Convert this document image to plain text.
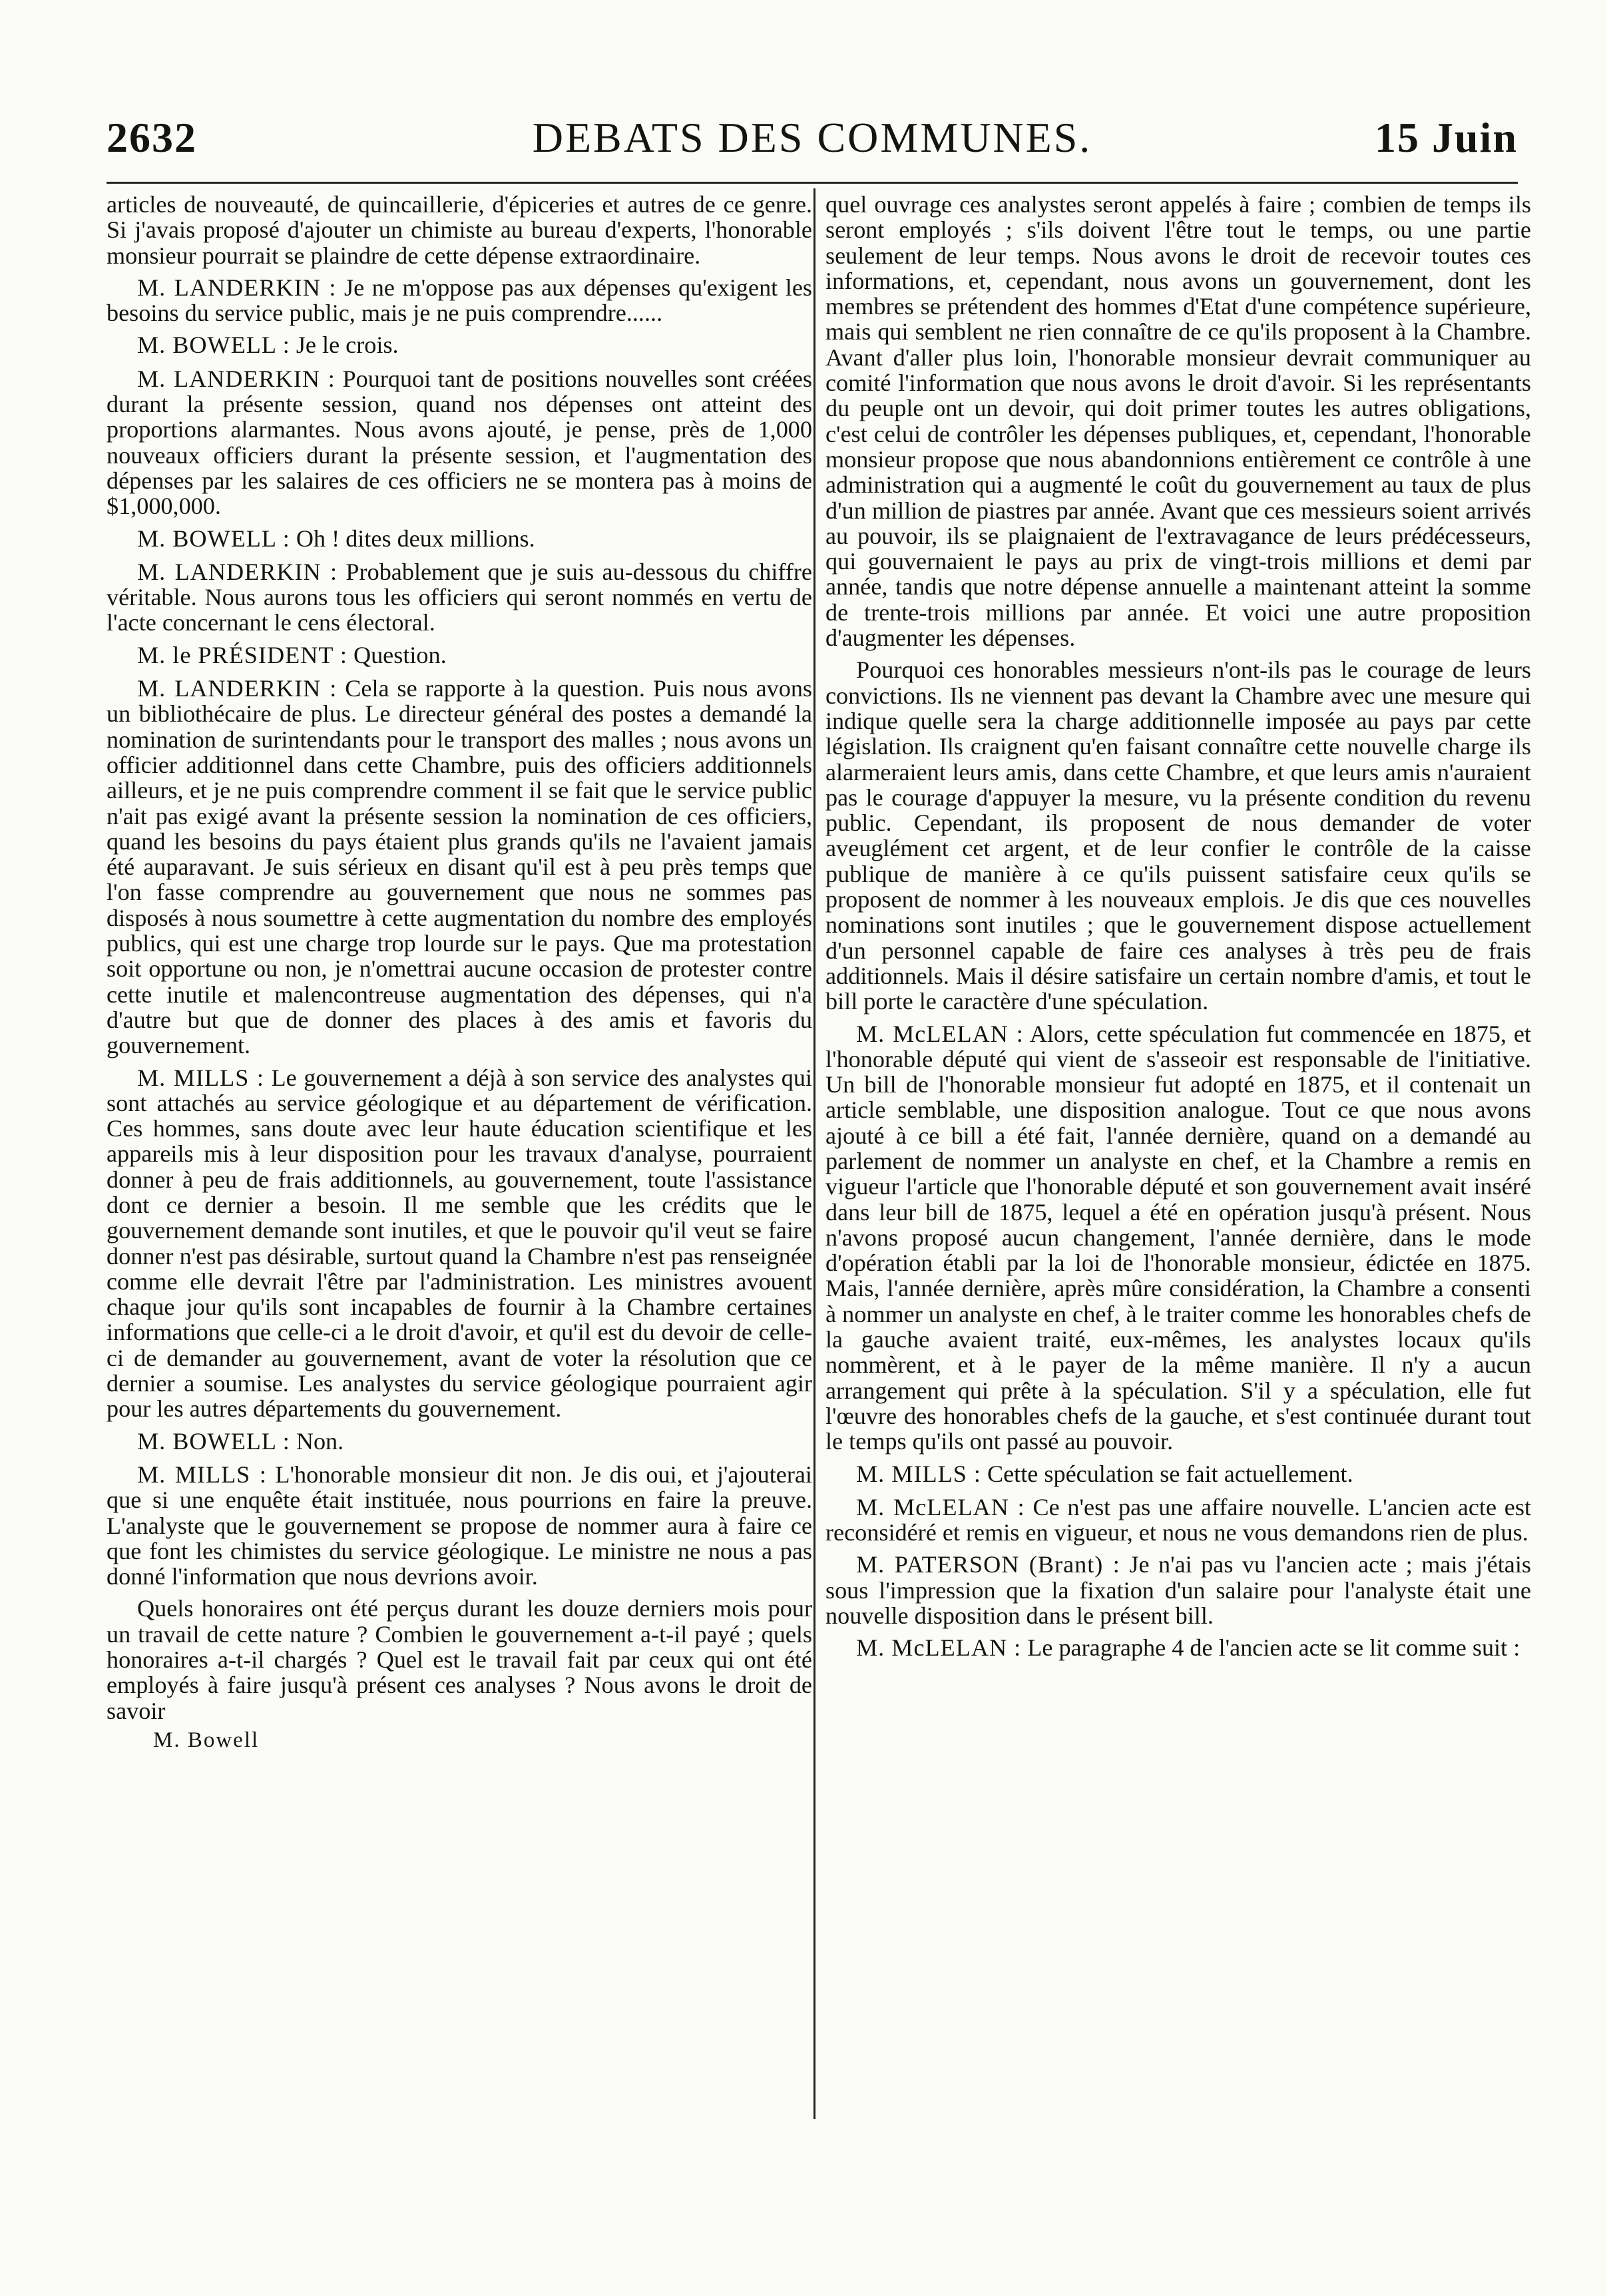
2632	DEBATS DES COMMUNES.	15 Juin

articles de nouveauté, de quincaillerie, d'épiceries et autres de ce genre. Si j'avais proposé d'ajouter un chimiste au bureau d'experts, l'honorable monsieur pourrait se plaindre de cette dépense extraordinaire.

M. LANDERKIN : Je ne m'oppose pas aux dépenses qu'exigent les besoins du service public, mais je ne puis comprendre......

M. BOWELL : Je le crois.

M. LANDERKIN : Pourquoi tant de positions nouvelles sont créées durant la présente session, quand nos dépenses ont atteint des proportions alarmantes. Nous avons ajouté, je pense, près de 1,000 nouveaux officiers durant la présente session, et l'augmentation des dépenses par les salaires de ces officiers ne se montera pas à moins de $1,000,000.

M. BOWELL : Oh ! dites deux millions.

M. LANDERKIN : Probablement que je suis au-dessous du chiffre véritable. Nous aurons tous les officiers qui seront nommés en vertu de l'acte concernant le cens électoral.

M. le PRÉSIDENT : Question.

M. LANDERKIN : Cela se rapporte à la question. Puis nous avons un bibliothécaire de plus. Le directeur général des postes a demandé la nomination de surintendants pour le transport des malles ; nous avons un officier additionnel dans cette Chambre, puis des officiers additionnels ailleurs, et je ne puis comprendre comment il se fait que le service public n'ait pas exigé avant la présente session la nomination de ces officiers, quand les besoins du pays étaient plus grands qu'ils ne l'avaient jamais été auparavant. Je suis sérieux en disant qu'il est à peu près temps que l'on fasse comprendre au gouvernement que nous ne sommes pas disposés à nous soumettre à cette augmentation du nombre des employés publics, qui est une charge trop lourde sur le pays. Que ma protestation soit opportune ou non, je n'omettrai aucune occasion de protester contre cette inutile et malencontreuse augmentation des dépenses, qui n'a d'autre but que de donner des places à des amis et favoris du gouvernement.

M. MILLS : Le gouvernement a déjà à son service des analystes qui sont attachés au service géologique et au département de vérification. Ces hommes, sans doute avec leur haute éducation scientifique et les appareils mis à leur disposition pour les travaux d'analyse, pourraient donner à peu de frais additionnels, au gouvernement, toute l'assistance dont ce dernier a besoin. Il me semble que les crédits que le gouvernement demande sont inutiles, et que le pouvoir qu'il veut se faire donner n'est pas désirable, surtout quand la Chambre n'est pas renseignée comme elle devrait l'être par l'administration. Les ministres avouent chaque jour qu'ils sont incapables de fournir à la Chambre certaines informations que celle-ci a le droit d'avoir, et qu'il est du devoir de celle-ci de demander au gouvernement, avant de voter la résolution que ce dernier a soumise. Les analystes du service géologique pourraient agir pour les autres départements du gouvernement.

M. BOWELL : Non.

M. MILLS : L'honorable monsieur dit non. Je dis oui, et j'ajouterai que si une enquête était instituée, nous pourrions en faire la preuve. L'analyste que le gouvernement se propose de nommer aura à faire ce que font les chimistes du service géologique. Le ministre ne nous a pas donné l'information que nous devrions avoir.

Quels honoraires ont été perçus durant les douze derniers mois pour un travail de cette nature ? Combien le gouvernement a-t-il payé ; quels honoraires a-t-il chargés ? Quel est le travail fait par ceux qui ont été employés à faire jusqu'à présent ces analyses ? Nous avons le droit de savoir

M. Bowell

quel ouvrage ces analystes seront appelés à faire ; combien de temps ils seront employés ; s'ils doivent l'être tout le temps, ou une partie seulement de leur temps. Nous avons le droit de recevoir toutes ces informations, et, cependant, nous avons un gouvernement, dont les membres se prétendent des hommes d'Etat d'une compétence supérieure, mais qui semblent ne rien connaître de ce qu'ils proposent à la Chambre. Avant d'aller plus loin, l'honorable monsieur devrait communiquer au comité l'information que nous avons le droit d'avoir. Si les représentants du peuple ont un devoir, qui doit primer toutes les autres obligations, c'est celui de contrôler les dépenses publiques, et, cependant, l'honorable monsieur propose que nous abandonnions entièrement ce contrôle à une administration qui a augmenté le coût du gouvernement au taux de plus d'un million de piastres par année. Avant que ces messieurs soient arrivés au pouvoir, ils se plaignaient de l'extravagance de leurs prédécesseurs, qui gouvernaient le pays au prix de vingt-trois millions et demi par année, tandis que notre dépense annuelle a maintenant atteint la somme de trente-trois millions par année. Et voici une autre proposition d'augmenter les dépenses.

Pourquoi ces honorables messieurs n'ont-ils pas le courage de leurs convictions. Ils ne viennent pas devant la Chambre avec une mesure qui indique quelle sera la charge additionnelle imposée au pays par cette législation. Ils craignent qu'en faisant connaître cette nouvelle charge ils alarmeraient leurs amis, dans cette Chambre, et que leurs amis n'auraient pas le courage d'appuyer la mesure, vu la présente condition du revenu public. Cependant, ils proposent de nous demander de voter aveuglément cet argent, et de leur confier le contrôle de la caisse publique de manière à ce qu'ils puissent satisfaire ceux qu'ils se proposent de nommer à les nouveaux emplois. Je dis que ces nouvelles nominations sont inutiles ; que le gouvernement dispose actuellement d'un personnel capable de faire ces analyses à très peu de frais additionnels. Mais il désire satisfaire un certain nombre d'amis, et tout le bill porte le caractère d'une spéculation.

M. McLELAN : Alors, cette spéculation fut commencée en 1875, et l'honorable député qui vient de s'asseoir est responsable de l'initiative. Un bill de l'honorable monsieur fut adopté en 1875, et il contenait un article semblable, une disposition analogue. Tout ce que nous avons ajouté à ce bill a été fait, l'année dernière, quand on a demandé au parlement de nommer un analyste en chef, et la Chambre a remis en vigueur l'article que l'honorable député et son gouvernement avait inséré dans leur bill de 1875, lequel a été en opération jusqu'à présent. Nous n'avons proposé aucun changement, l'année dernière, dans le mode d'opération établi par la loi de l'honorable monsieur, édictée en 1875. Mais, l'année dernière, après mûre considération, la Chambre a consenti à nommer un analyste en chef, à le traiter comme les honorables chefs de la gauche avaient traité, eux-mêmes, les analystes locaux qu'ils nommèrent, et à le payer de la même manière. Il n'y a aucun arrangement qui prête à la spéculation. S'il y a spéculation, elle fut l'œuvre des honorables chefs de la gauche, et s'est continuée durant tout le temps qu'ils ont passé au pouvoir.

M. MILLS : Cette spéculation se fait actuellement.

M. McLELAN : Ce n'est pas une affaire nouvelle. L'ancien acte est reconsidéré et remis en vigueur, et nous ne vous demandons rien de plus.

M. PATERSON (Brant) : Je n'ai pas vu l'ancien acte ; mais j'étais sous l'impression que la fixation d'un salaire pour l'analyste était une nouvelle disposition dans le présent bill.

M. McLELAN : Le paragraphe 4 de l'ancien acte se lit comme suit :
